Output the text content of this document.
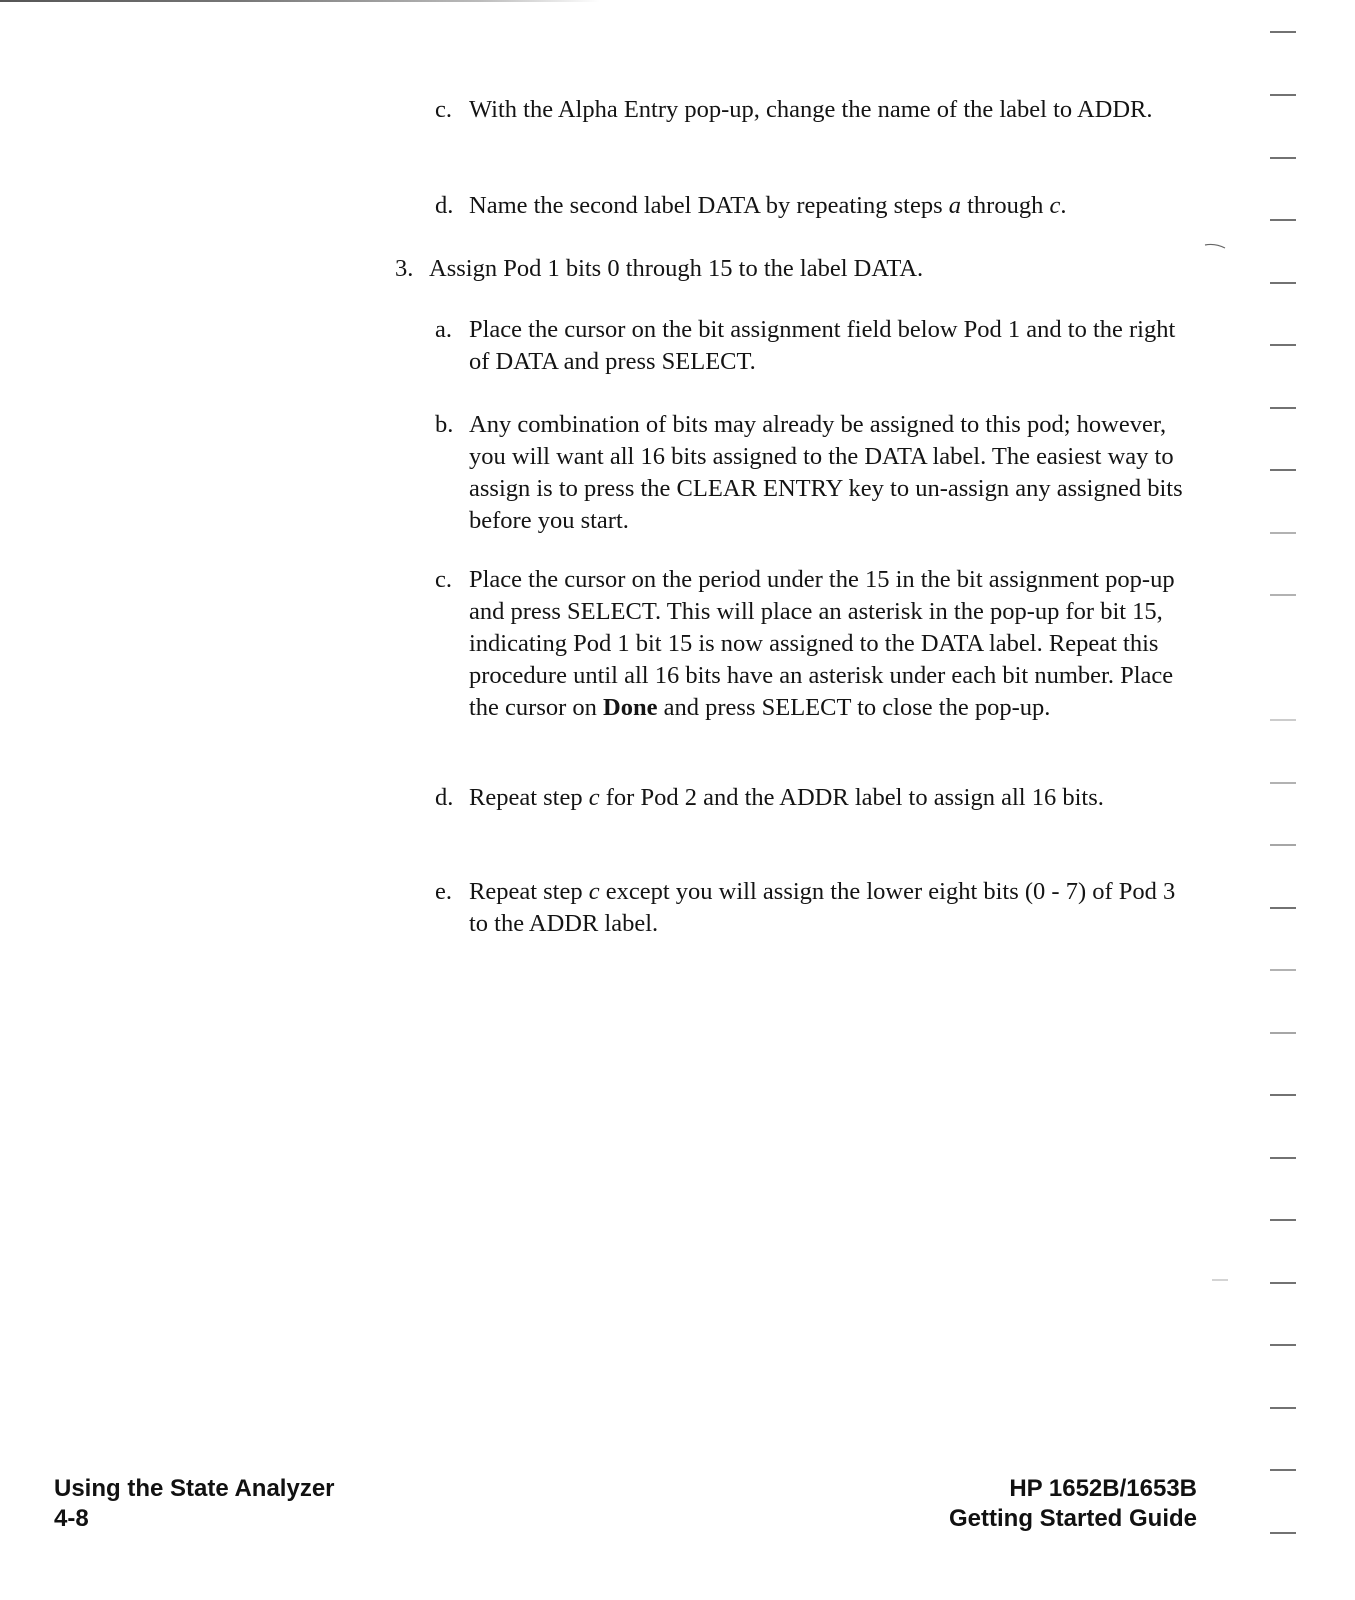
c. With the Alpha Entry pop-up, change the name of the label to ADDR.
d. Name the second label DATA by repeating steps a through c.
3. Assign Pod 1 bits 0 through 15 to the label DATA.
a. Place the cursor on the bit assignment field below Pod 1 and to the right of DATA and press SELECT.
b. Any combination of bits may already be assigned to this pod; however, you will want all 16 bits assigned to the DATA label. The easiest way to assign is to press the CLEAR ENTRY key to un-assign any assigned bits before you start.
c. Place the cursor on the period under the 15 in the bit assignment pop-up and press SELECT. This will place an asterisk in the pop-up for bit 15, indicating Pod 1 bit 15 is now assigned to the DATA label. Repeat this procedure until all 16 bits have an asterisk under each bit number. Place the cursor on Done and press SELECT to close the pop-up.
d. Repeat step c for Pod 2 and the ADDR label to assign all 16 bits.
e. Repeat step c except you will assign the lower eight bits (0 - 7) of Pod 3 to the ADDR label.
Using the State Analyzer
4-8
HP 1652B/1653B
Getting Started Guide
